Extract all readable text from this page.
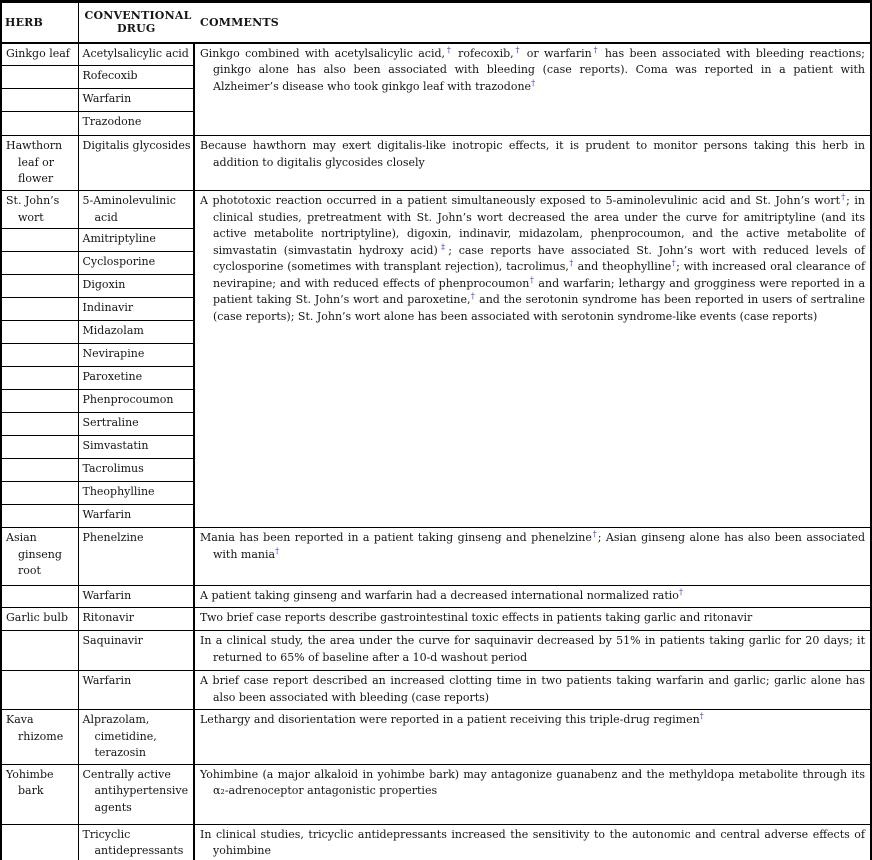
HERB	CONVENTIONAL DRUG	COMMENTS
Ginkgo leaf	Acetylsalicylic acid	Ginkgo combined with acetylsalicylic acid,† rofecoxib,† or warfarin† has been associated with bleeding reactions; ginkgo alone has also been associated with bleeding (case reports). Coma was reported in a patient with Alzheimer’s disease who took ginkgo leaf with trazodone†
	Rofecoxib	
	Warfarin	
	Trazodone	
Hawthorn leaf or flower	Digitalis glycosides	Because hawthorn may exert digitalis-like inotropic effects, it is prudent to monitor persons taking this herb in addition to digitalis glycosides closely
St. John’s wort	5-Aminolevulinic acid	A phototoxic reaction occurred in a patient simultaneously exposed to 5-aminolevulinic acid and St. John’s wort†; in clinical studies, pretreatment with St. John’s wort decreased the area under the curve for amitriptyline (and its active metabolite nortriptyline), digoxin, indinavir, midazolam, phenprocoumon, and the active metabolite of simvastatin (simvastatin hydroxy acid)‡; case reports have associated St. John’s wort with reduced levels of cyclosporine (sometimes with transplant rejection), tacrolimus,† and theophylline†; with increased oral clearance of nevirapine; and with reduced effects of phenprocoumon† and warfarin; lethargy and grogginess were reported in a patient taking St. John’s wort and paroxetine,† and the serotonin syndrome has been reported in users of sertraline (case reports); St. John’s wort alone has been associated with serotonin syndrome-like events (case reports)
	Amitriptyline	
	Cyclosporine	
	Digoxin	
	Indinavir	
	Midazolam	
	Nevirapine	
	Paroxetine	
	Phenprocoumon	
	Sertraline	
	Simvastatin	
	Tacrolimus	
	Theophylline	
	Warfarin	
Asian ginseng root	Phenelzine	Mania has been reported in a patient taking ginseng and phenelzine†; Asian ginseng alone has also been associated with mania†
	Warfarin	A patient taking ginseng and warfarin had a decreased international normalized ratio†
Garlic bulb	Ritonavir	Two brief case reports describe gastrointestinal toxic effects in patients taking garlic and ritonavir
	Saquinavir	In a clinical study, the area under the curve for saquinavir decreased by 51% in patients taking garlic for 20 days; it returned to 65% of baseline after a 10-d washout period
	Warfarin	A brief case report described an increased clotting time in two patients taking warfarin and garlic; garlic alone has also been associated with bleeding (case reports)
Kava rhizome	Alprazolam, cimetidine, terazosin	Lethargy and disorientation were reported in a patient receiving this triple-drug regimen†
Yohimbe bark	Centrally active antihypertensive agents	Yohimbine (a major alkaloid in yohimbe bark) may antagonize guanabenz and the methyldopa metabolite through its α₂-adrenoceptor antagonistic properties
	Tricyclic antidepressants	In clinical studies, tricyclic antidepressants increased the sensitivity to the autonomic and central adverse effects of yohimbine
